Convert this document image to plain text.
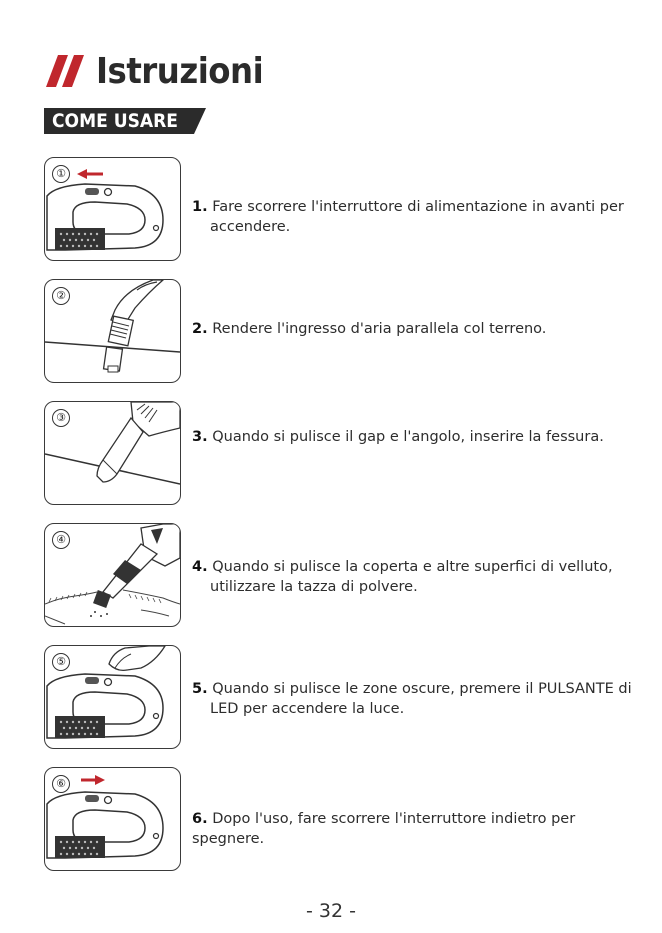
Istruzioni
COME USARE
①
1. Fare scorrere l'interruttore di alimentazione in avanti per
accendere.
②
2. Rendere l'ingresso d'aria parallela col terreno.
③
3. Quando si pulisce il gap e l'angolo, inserire la fessura.
④
4. Quando si pulisce la coperta e altre superfici di velluto,
utilizzare la tazza di polvere.
⑤
5. Quando si pulisce le zone oscure, premere il PULSANTE di
LED per accendere la luce.
⑥
6. Dopo l'uso, fare scorrere l'interruttore indietro per spegnere.
- 32 -
